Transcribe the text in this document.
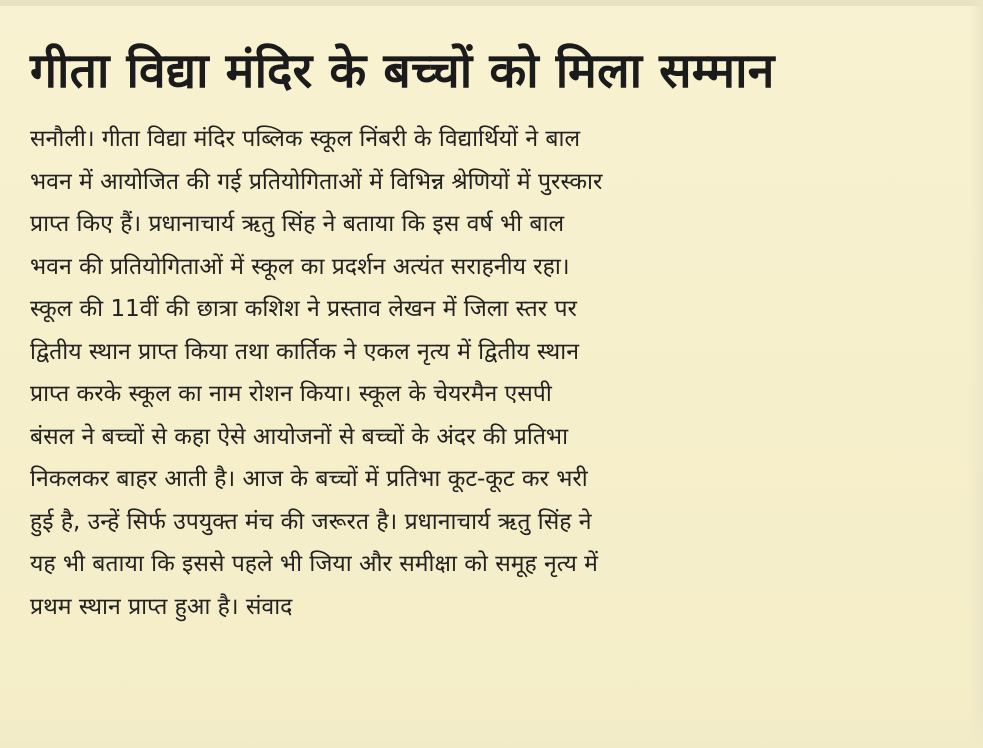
गीता विद्या मंदिर के बच्चों को मिला सम्मान
सनौली। गीता विद्या मंदिर पब्लिक स्कूल निंबरी के विद्यार्थियों ने बाल
भवन में आयोजित की गई प्रतियोगिताओं में विभिन्न श्रेणियों में पुरस्कार
प्राप्त किए हैं। प्रधानाचार्य ऋतु सिंह ने बताया कि इस वर्ष भी बाल
भवन की प्रतियोगिताओं में स्कूल का प्रदर्शन अत्यंत सराहनीय रहा।
स्कूल की 11वीं की छात्रा कशिश ने प्रस्ताव लेखन में जिला स्तर पर
द्वितीय स्थान प्राप्त किया तथा कार्तिक ने एकल नृत्य में द्वितीय स्थान
प्राप्त करके स्कूल का नाम रोशन किया। स्कूल के चेयरमैन एसपी
बंसल ने बच्चों से कहा ऐसे आयोजनों से बच्चों के अंदर की प्रतिभा
निकलकर बाहर आती है। आज के बच्चों में प्रतिभा कूट-कूट कर भरी
हुई है, उन्हें सिर्फ उपयुक्त मंच की जरूरत है। प्रधानाचार्य ऋतु सिंह ने
यह भी बताया कि इससे पहले भी जिया और समीक्षा को समूह नृत्य में
प्रथम स्थान प्राप्त हुआ है। संवाद
